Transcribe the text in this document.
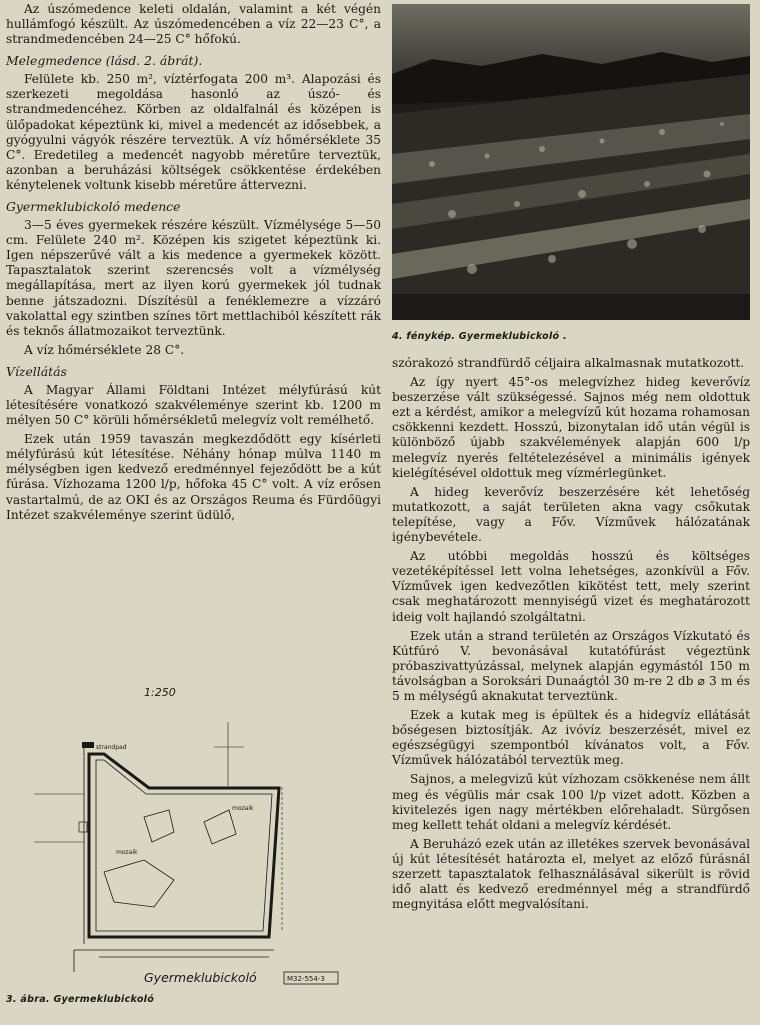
Az úszómedence keleti oldalán, valamint a két végén hullámfogó készült. Az úszómedencében a víz 22—23 C°, a strandmedencében 24—25 C° hőfokú.

Melegmedence (lásd. 2. ábrát).

Felülete kb. 250 m², víztérfogata 200 m³. Alapozási és szerkezeti megoldása hasonló az úszó- és strandmedencéhez. Körben az oldalfalnál és középen is ülőpadokat képeztünk ki, mivel a medencét az idősebbek, a gyógyulni vágyók részére terveztük. A víz hőmérséklete 35 C°. Eredetileg a medencét nagyobb méretűre terveztük, azonban a beruházási költségek csökkentése érdekében kénytelenek voltunk kisebb méretűre áttervezni.

Gyermeklubickoló medence

3—5 éves gyermekek részére készült. Vízmélysége 5—50 cm. Felülete 240 m². Középen kis szigetet képeztünk ki. Igen népszerűvé vált a kis medence a gyermekek között. Tapasztalatok szerint szerencsés volt a vízmélység megállapítása, mert az ilyen korú gyermekek jól tudnak benne játszadozni. Díszítésül a fenéklemezre a vízzáró vakolattal egy szintben színes tört mettlachiból készített rák és teknős állatmozaikot terveztünk.

A víz hőmérséklete 28 C°.

Vízellátás

A Magyar Állami Földtani Intézet mélyfúrású kút létesítésére vonatkozó szakvéleménye szerint kb. 1200 m mélyen 50 C° körüli hőmérsékletű melegvíz volt remélhető.

Ezek után 1959 tavaszán megkezdődött egy kísérleti mélyfúrású kút létesítése. Néhány hónap múlva 1140 m mélységben igen kedvező eredménnyel fejeződött be a kút fúrása. Vízhozama 1200 l/p, hőfoka 45 C° volt. A víz erősen vastartalmú, de az OKI és az Országos Reuma és Fürdőügyi Intézet szakvéleménye szerint üdülő,

4. fénykép. Gyermeklubickoló .

szórakozó strandfürdő céljaira alkalmasnak mutatkozott.

Az így nyert 45°-os melegvízhez hideg keverővíz beszerzése vált szükségessé. Sajnos még nem oldottuk ezt a kérdést, amikor a melegvízű kút hozama rohamosan csökkenni kezdett. Hosszú, bizonytalan idő után végül is különböző újabb szakvélemények alapján 600 l/p melegvíz nyerés feltételezésével a minimális igények kielégítésével oldottuk meg vízmérlegünket.

A hideg keverővíz beszerzésére két lehetőség mutatkozott, a saját területen akna vagy csőkutak telepítése, vagy a Főv. Vízművek hálózatának igénybevétele.

Az utóbbi megoldás hosszú és költséges vezetéképítéssel lett volna lehetséges, azonkívül a Főv. Vízművek igen kedvezőtlen kikötést tett, mely szerint csak meghatározott mennyiségű vizet és meghatározott ideig volt hajlandó szolgáltatni.

Ezek után a strand területén az Országos Vízkutató és Kútfúró V. bevonásával kutatófúrást végeztünk próbaszivattyúzással, melynek alapján egymástól 150 m távolságban a Soroksári Dunaágtól 30 m-re 2 db ⌀ 3 m és 5 m mélységű aknakutat terveztünk.

Ezek a kutak meg is épültek és a hidegvíz ellátását bőségesen biztosítják. Az ivóvíz beszerzését, mivel ez egészségügyi szempontból kívánatos volt, a Főv. Vízművek hálózatából terveztük meg.

Sajnos, a melegvizű kút vízhozam csökkenése nem állt meg és végülis már csak 100 l/p vizet adott. Közben a kivitelezés igen nagy mértékben előrehaladt. Sürgősen meg kellett tehát oldani a melegvíz kérdését.

A Beruházó ezek után az illetékes szervek bevonásával új kút létesítését határozta el, melyet az előző fúrásnál szerzett tapasztalatok felhasználásával sikerült is rövid idő alatt és kedvező eredménnyel még a strandfürdő megnyitása előtt megvalósítani.

1:250
strandpad
mozaik
mozaik
Gyermeklubickoló	M32-554-3
3. ábra. Gyermeklubickoló
